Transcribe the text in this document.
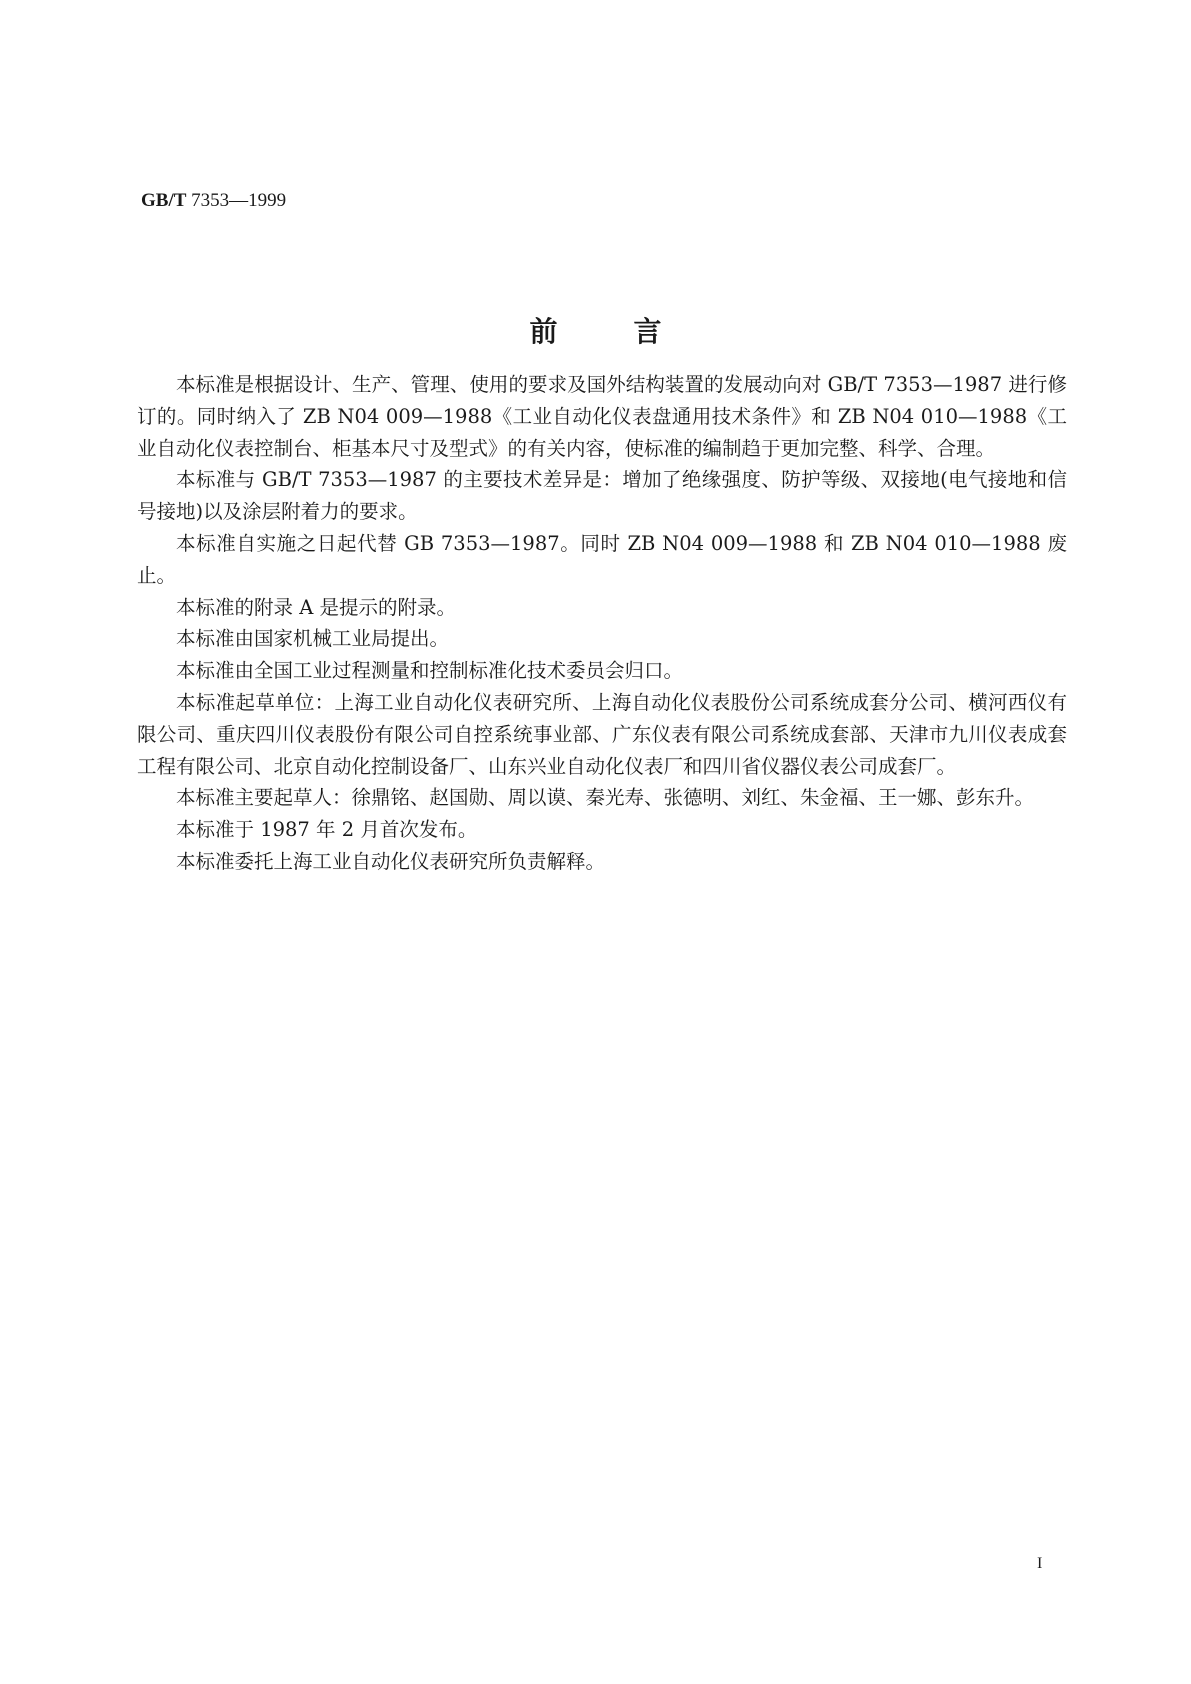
GB/T 7353—1999
前	言

本标准是根据设计、生产、管理、使用的要求及国外结构装置的发展动向对 GB/T 7353—1987 进行修订的。同时纳入了 ZB N04 009—1988《工业自动化仪表盘通用技术条件》和 ZB N04 010—1988《工业自动化仪表控制台、柜基本尺寸及型式》的有关内容，使标准的编制趋于更加完整、科学、合理。

本标准与 GB/T 7353—1987 的主要技术差异是：增加了绝缘强度、防护等级、双接地(电气接地和信号接地)以及涂层附着力的要求。

本标准自实施之日起代替 GB 7353—1987。同时 ZB N04 009—1988 和 ZB N04 010—1988 废止。

本标准的附录 A 是提示的附录。

本标准由国家机械工业局提出。

本标准由全国工业过程测量和控制标准化技术委员会归口。

本标准起草单位：上海工业自动化仪表研究所、上海自动化仪表股份公司系统成套分公司、横河西仪有限公司、重庆四川仪表股份有限公司自控系统事业部、广东仪表有限公司系统成套部、天津市九川仪表成套工程有限公司、北京自动化控制设备厂、山东兴业自动化仪表厂和四川省仪器仪表公司成套厂。

本标准主要起草人：徐鼎铭、赵国勋、周以谟、秦光寿、张德明、刘红、朱金福、王一娜、彭东升。

本标准于 1987 年 2 月首次发布。

本标准委托上海工业自动化仪表研究所负责解释。

I
